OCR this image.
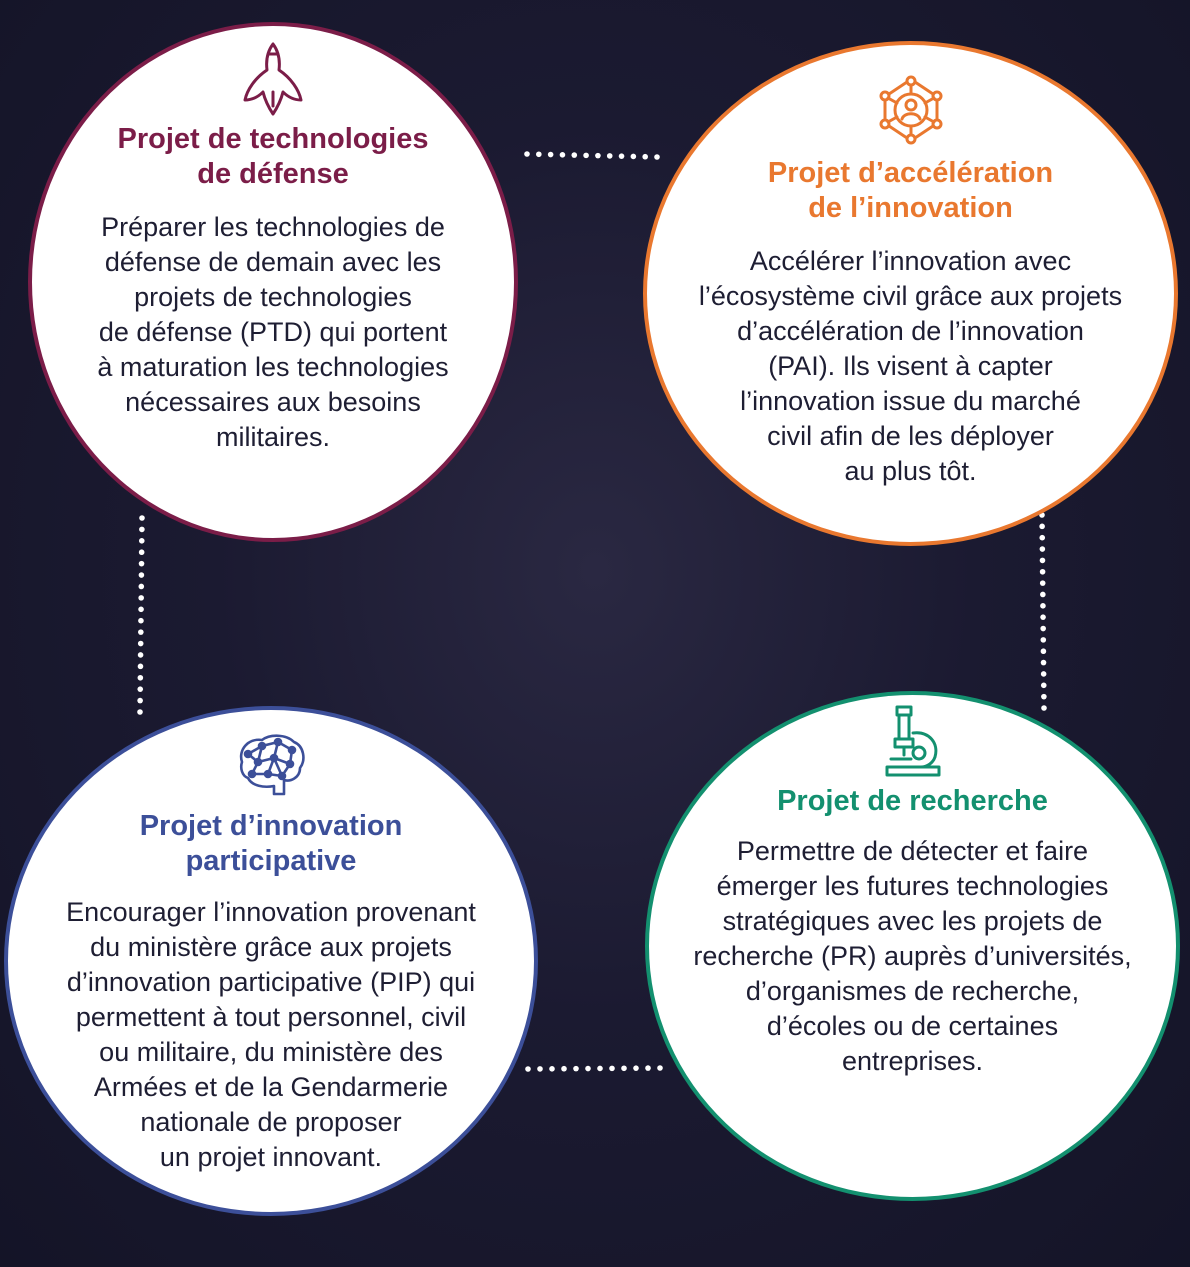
Projet de technologies
de défense
Préparer les technologies de
défense de demain avec les
projets de technologies
de défense (PTD) qui portent
à maturation les technologies
nécessaires aux besoins
militaires.
Projet d’accélération
de l’innovation
Accélérer l’innovation avec
l’écosystème civil grâce aux projets
d’accélération de l’innovation
(PAI). Ils visent à capter
l’innovation issue du marché
civil afin de les déployer
au plus tôt.
Projet d’innovation
participative
Encourager l’innovation provenant
du ministère grâce aux projets
d’innovation participative (PIP) qui
permettent à tout personnel, civil
ou militaire, du ministère des
Armées et de la Gendarmerie
nationale de proposer
un projet innovant.
Projet de recherche
Permettre de détecter et faire
émerger les futures technologies
stratégiques avec les projets de
recherche (PR) auprès d’universités,
d’organismes de recherche,
d’écoles ou de certaines
entreprises.
